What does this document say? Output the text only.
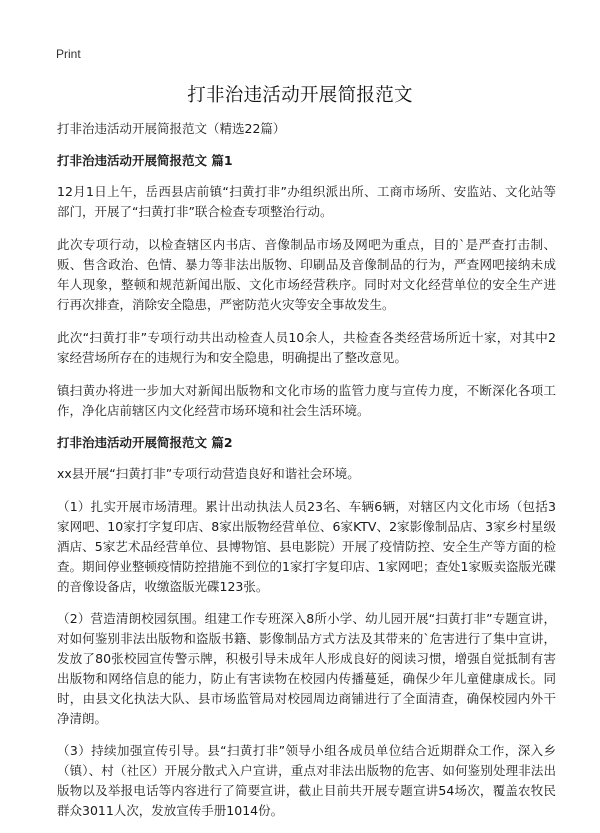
Print
打非治违活动开展简报范文

打非治违活动开展简报范文（精选22篇）

打非治违活动开展简报范文 篇1

12月1日上午，岳西县店前镇“扫黄打非”办组织派出所、工商市场所、安监站、文化站等部门，开展了“扫黄打非”联合检查专项整治行动。

此次专项行动，以检查辖区内书店、音像制品市场及网吧为重点，目的`是严查打击制、贩、售含政治、色情、暴力等非法出版物、印刷品及音像制品的行为，严查网吧接纳未成年人现象，整顿和规范新闻出版、文化市场经营秩序。同时对文化经营单位的安全生产进行再次排查，消除安全隐患，严密防范火灾等安全事故发生。

此次“扫黄打非”专项行动共出动检查人员10余人，共检查各类经营场所近十家，对其中2家经营场所存在的违规行为和安全隐患，明确提出了整改意见。

镇扫黄办将进一步加大对新闻出版物和文化市场的监管力度与宣传力度，不断深化各项工作，净化店前辖区内文化经营市场环境和社会生活环境。

打非治违活动开展简报范文 篇2

xx县开展“扫黄打非”专项行动营造良好和谐社会环境。

（1）扎实开展市场清理。累计出动执法人员23名、车辆6辆，对辖区内文化市场（包括3家网吧、10家打字复印店、8家出版物经营单位、6家KTV、2家影像制品店、3家乡村星级酒店、5家艺术品经营单位、县博物馆、县电影院）开展了疫情防控、安全生产等方面的检查。期间停业整顿疫情防控措施不到位的1家打字复印店、1家网吧；查处1家贩卖盗版光碟的音像设备店，收缴盗版光碟123张。

（2）营造清朗校园氛围。组建工作专班深入8所小学、幼儿园开展“扫黄打非”专题宣讲，对如何鉴别非法出版物和盗版书籍、影像制品方式方法及其带来的`危害进行了集中宣讲，发放了80张校园宣传警示牌，积极引导未成年人形成良好的阅读习惯，增强自觉抵制有害出版物和网络信息的能力，防止有害读物在校园内传播蔓延，确保少年儿童健康成长。同时，由县文化执法大队、县市场监管局对校园周边商铺进行了全面清查，确保校园内外干净清朗。

（3）持续加强宣传引导。县“扫黄打非”领导小组各成员单位结合近期群众工作，深入乡（镇）、村（社区）开展分散式入户宣讲，重点对非法出版物的危害、如何鉴别处理非法出版物以及举报电话等内容进行了简要宣讲，截止目前共开展专题宣讲54场次，覆盖农牧民群众3011人次，发放宣传手册1014份。
